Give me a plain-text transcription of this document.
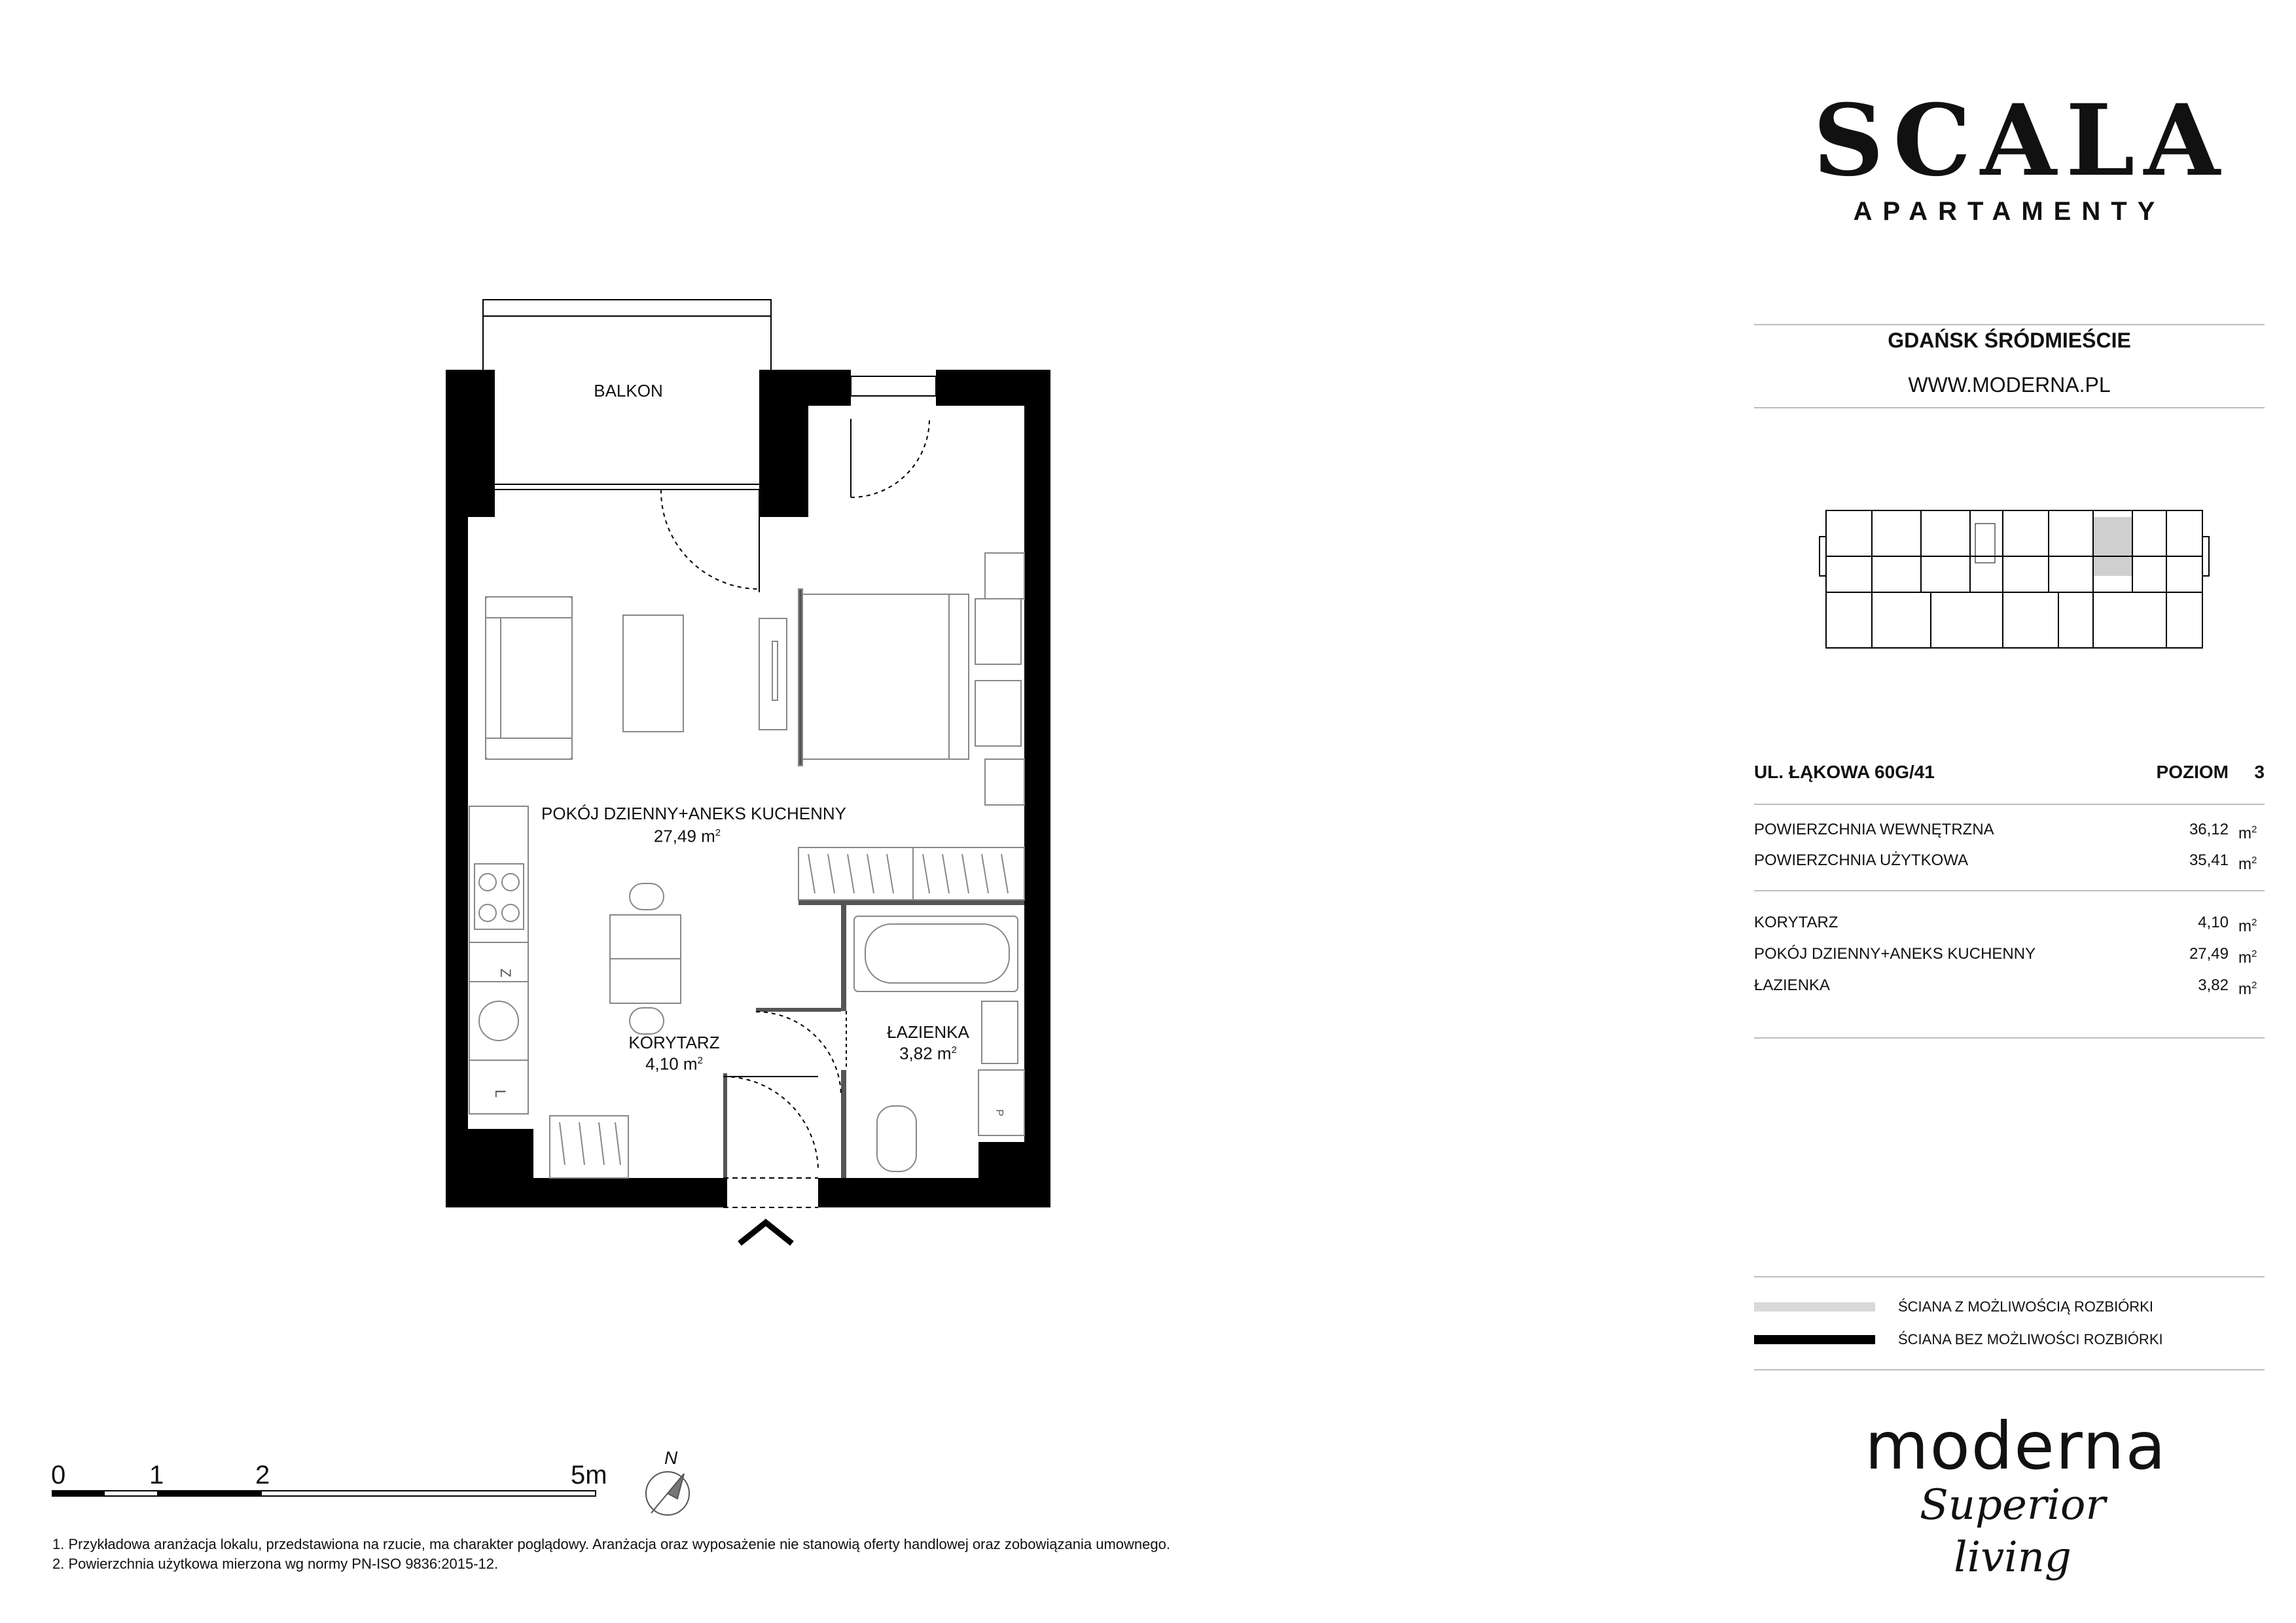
Z
L
P
BALKON
POKÓJ DZIENNY+ANEKS KUCHENNY
27,49 $m^2$
KORYTARZ
4,10 $m^2$
ŁAZIENKA
3,82 $m^2$
SCALA
APARTAMENTY
GDAŃSK ŚRÓDMIEŚCIE
WWW.MODERNA.PL
UL. ŁĄKOWA 60G/41	POZIOM	3
POWIERZCHNIA WEWNĘTRZNA	36,12 $m^2$
POWIERZCHNIA UŻYTKOWA	35,41 $m^2$
KORYTARZ	4,10 $m^2$
POKÓJ DZIENNY+ANEKS KUCHENNY	27,49 $m^2$
ŁAZIENKA	3,82 $m^2$
ŚCIANA Z MOŻLIWOŚCIĄ ROZBIÓRKI
ŚCIANA BEZ MOŻLIWOŚCI ROZBIÓRKI
moderna
Superior living
0	1	2	5m
N
1. Przykładowa aranżacja lokalu, przedstawiona na rzucie, ma charakter poglądowy. Aranżacja oraz wyposażenie nie stanowią oferty handlowej oraz zobowiązania umownego.
2. Powierzchnia użytkowa mierzona wg normy PN-ISO 9836:2015-12.
